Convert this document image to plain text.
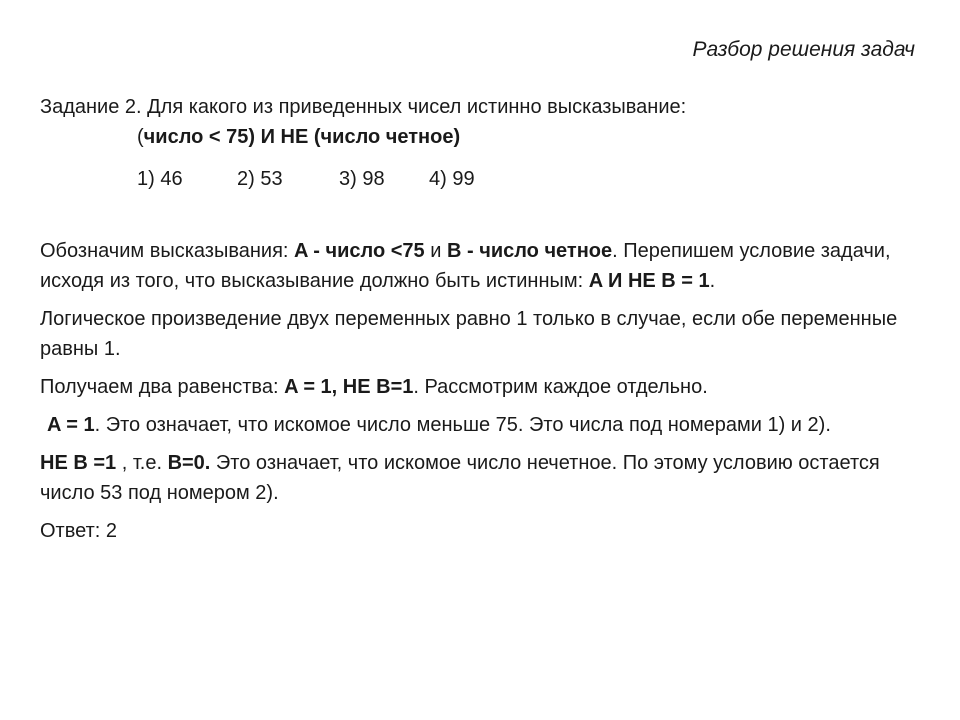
Разбор решения задач

Задание 2. Для какого из приведенных чисел истинно высказывание:

(число < 75) И НЕ (число четное)

1) 46	2) 53	3) 98 4) 99

Обозначим высказывания: A - число <75 и B - число четное. Перепишем условие задачи, исходя из того, что высказывание должно быть истинным: A И НЕ B = 1.

Логическое произведение двух переменных равно 1 только в случае, если обе переменные равны 1.

Получаем два равенства: A = 1, НЕ B=1. Рассмотрим каждое отдельно.

A = 1. Это означает, что искомое число меньше 75. Это числа под номерами 1) и 2).

НЕ B =1 , т.е. B=0. Это означает, что искомое число нечетное. По этому условию остается число 53 под номером 2).

Ответ: 2
